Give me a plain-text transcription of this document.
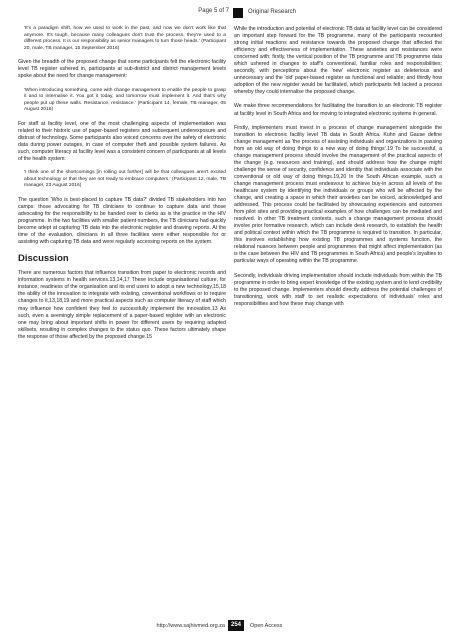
Page 5 of 7	Original Research
'It's a paradigm shift, how we used to work in the past, and now we don't work like that anymore. It's tough, because many colleagues don't trust the process, they're used to a different process. It is our responsibility as senior managers to turn those heads.' (Participant 20, male, TB manager, 15 September 2016)

Given the breadth of the proposed change that some participants felt the electronic facility level TB register ushered in, participants at sub-district and district management levels spoke about the need for change management:

'When introducing something, come with change management to enable the people to grasp it and to internalise it. You got it today, and tomorrow must implement it. And that's why people put up these walls. Resistance, resistance.' (Participant 14, female, TB manager, 05 August 2016)

For staff at facility level, one of the most challenging aspects of implementation was related to their historic use of paper-based registers and subsequent underexposure and distrust of technology. Some participants also voiced concerns over the safety of electronic data during power outages, in case of computer theft and possible system failures. As such, computer literacy at facility level was a consistent concern of participants at all levels of the health system:

'I think one of the shortcomings [in rolling out further] will be that colleagues aren't excited about technology or that they are not ready to embrace computers.' (Participant 12, male, TB manager, 23 August 2016)

The question 'Who is best-placed to capture TB data?' divided TB stakeholders into two camps: those advocating for TB clinicians to continue to capture data and those advocating for the responsibility to be handed over to clerks as is the practice in the HIV programme. In the two facilities with smaller patient numbers, the TB clinicians had quickly become adept at capturing TB data into the electronic register and drawing reports. At the time of the evaluation, clinicians in all three facilities were either responsible for or assisting with capturing TB data and were regularly accessing reports on the system.

Discussion

There are numerous factors that influence transition from paper to electronic records and information systems in health services.13,14,17 These include organisational culture, for instance, readiness of the organisation and its end users to adopt a new technology,15,18 the ability of the innovation to integrate with existing, conventional workflows or to require changes to it,13,18,19 and more practical aspects such as computer literacy of staff which may influence how confident they feel to successfully implement the innovation.13 As such, even a seemingly simple replacement of a paper-based register with an electronic one may bring about important shifts in power for different users by requiring adapted skillsets, resulting in complex changes to the status quo. These factors ultimately shape the response of those affected by the proposed change.15

While the introduction and potential of electronic TB data at facility level can be considered an important step forward for the TB programme, many of the participants recounted strong initial reactions and resistance towards the proposed change that affected the efficiency and effectiveness of implementation. These anxieties and resistances were concerned with: firstly, the vertical position of the TB programme and TB programme data which ushered in changes to staff's conventional, familiar roles and responsibilities; secondly, with perceptions about the 'new' electronic register as deleterious and unnecessary and the 'old' paper-based register as functional and reliable; and thirdly how adoption of the new register would be facilitated, which participants felt lacked a process whereby they could internalise the proposed change.

We make three recommendations for facilitating the transition to an electronic TB register at facility level in South Africa and for moving to integrated electronic systems in general.

Firstly, implementers must invest in a process of change management alongside the transition to electronic facility level TB data in South Africa. Kuhn and Gause define change management as 'the process of assisting individuals and organizations in passing from an old way of doing things to a new way of doing things'.19 To be successful, a change management process should involve the management of the practical aspects of the change (e.g. resources and training), and should address how the change might challenge the sense of security, confidence and identity that individuals associate with the conventional or old way of doing things.19,20 In the South African example, such a change management process must endeavour to achieve buy-in across all levels of the healthcare system by identifying the individuals or groups who will be affected by the change, and creating a space in which their anxieties can be voiced, acknowledged and addressed. This process could be facilitated by showcasing experiences and outcomes from pilot sites and providing practical examples of how challenges can be mediated and resolved. In other TB treatment contexts, such a change management process should involve prior formative research, which can include desk research, to establish the health and political context within which the TB programme is required to transition. In particular, this involves establishing how existing TB programmes and systems function, the relational nuances between people and programmes that might affect implementation (as is the case between the HIV and TB programmes in South Africa) and people's loyalties to particular ways of operating within the TB programme.

Secondly, individuals driving implementation should include individuals from within the TB programme in order to bring expert knowledge of the existing system and to lend credibility to the proposed change. Implementers should directly address the potential challenges of transitioning, work with staff to set realistic expectations of individuals' roles and responsibilities and how these may change with

http://www.sajhivmed.org.za 254	Open Access
